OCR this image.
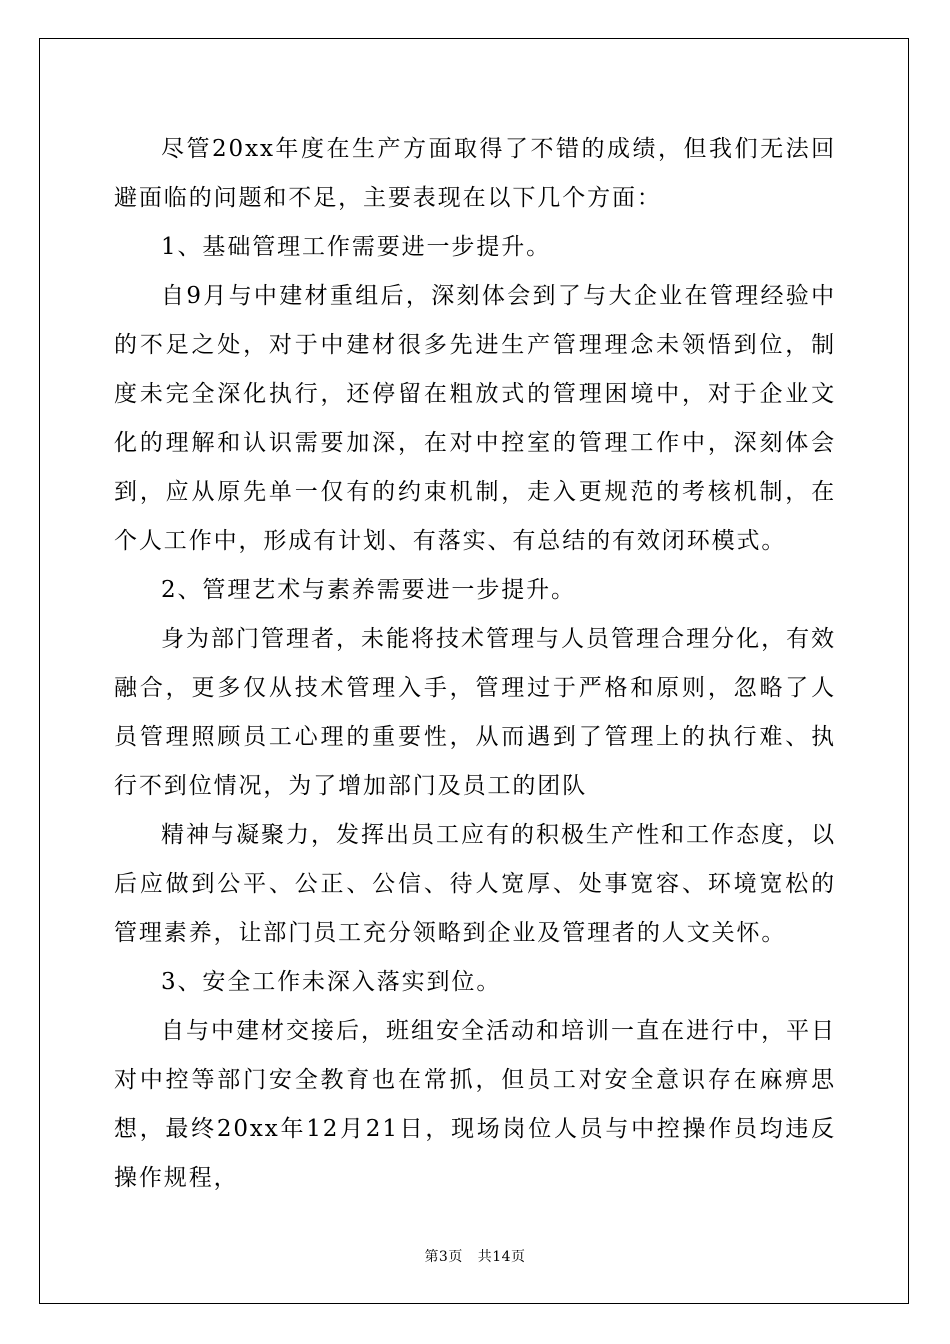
尽管20xx年度在生产方面取得了不错的成绩，但我们无法回避面临的问题和不足，主要表现在以下几个方面：

1、基础管理工作需要进一步提升。

自9月与中建材重组后，深刻体会到了与大企业在管理经验中的不足之处，对于中建材很多先进生产管理理念未领悟到位，制度未完全深化执行，还停留在粗放式的管理困境中，对于企业文化的理解和认识需要加深，在对中控室的管理工作中，深刻体会到，应从原先单一仅有的约束机制，走入更规范的考核机制，在个人工作中，形成有计划、有落实、有总结的有效闭环模式。

2、管理艺术与素养需要进一步提升。

身为部门管理者，未能将技术管理与人员管理合理分化，有效融合，更多仅从技术管理入手，管理过于严格和原则，忽略了人员管理照顾员工心理的重要性，从而遇到了管理上的执行难、执行不到位情况，为了增加部门及员工的团队

精神与凝聚力，发挥出员工应有的积极生产性和工作态度，以后应做到公平、公正、公信、待人宽厚、处事宽容、环境宽松的管理素养，让部门员工充分领略到企业及管理者的人文关怀。

3、安全工作未深入落实到位。

自与中建材交接后，班组安全活动和培训一直在进行中，平日对中控等部门安全教育也在常抓，但员工对安全意识存在麻痹思想，最终20xx年12月21日，现场岗位人员与中控操作员均违反操作规程，

第3页 共14页
